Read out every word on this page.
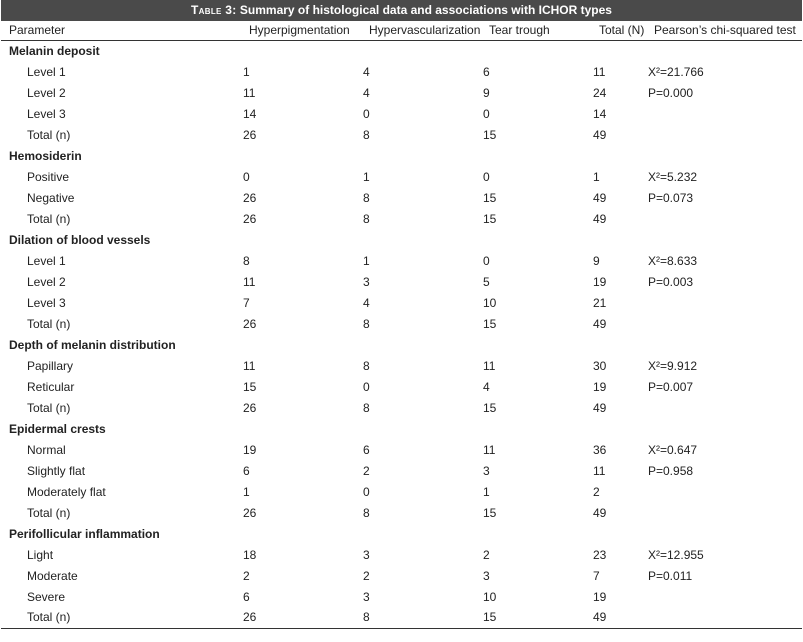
Table 3: Summary of histological data and associations with ICHOR types
Parameter	Hyperpigmentation	Hypervascularization	Tear trough	Total (N)	Pearson’s chi-squared test
Melanin deposit					
Level 1	1	4	6	11	X²=21.766
Level 2	11	4	9	24	P=0.000
Level 3	14	0	0	14	
Total (n)	26	8	15	49	
Hemosiderin					
Positive	0	1	0	1	X²=5.232
Negative	26	8	15	49	P=0.073
Total (n)	26	8	15	49	
Dilation of blood vessels					
Level 1	8	1	0	9	X²=8.633
Level 2	11	3	5	19	P=0.003
Level 3	7	4	10	21	
Total (n)	26	8	15	49	
Depth of melanin distribution					
Papillary	11	8	11	30	X²=9.912
Reticular	15	0	4	19	P=0.007
Total (n)	26	8	15	49	
Epidermal crests					
Normal	19	6	11	36	X²=0.647
Slightly flat	6	2	3	11	P=0.958
Moderately flat	1	0	1	2	
Total (n)	26	8	15	49	
Perifollicular inflammation					
Light	18	3	2	23	X²=12.955
Moderate	2	2	3	7	P=0.011
Severe	6	3	10	19	
Total (n)	26	8	15	49	
